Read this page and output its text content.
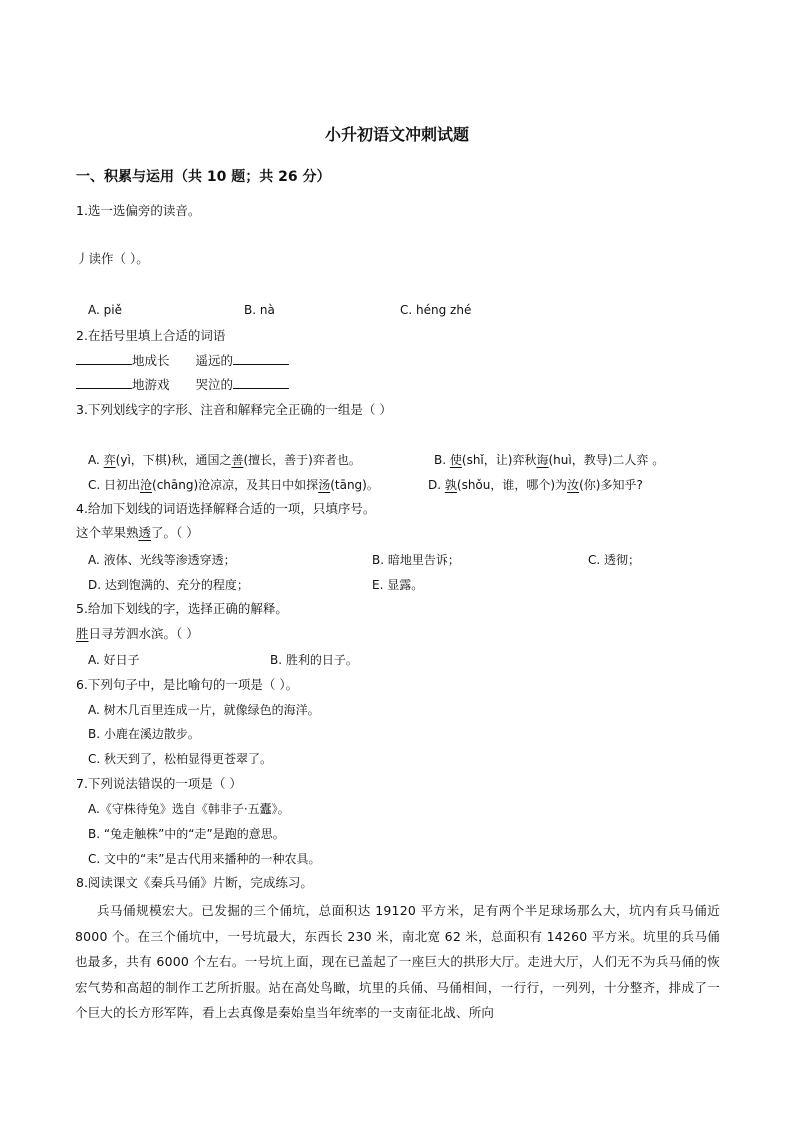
小升初语文冲刺试题
一、积累与运用（共 10 题；共 26 分）
1.选一选偏旁的读音。
丿读作（ ）。
A. piě	B. nà	C. héng zhé
2.在括号里填上合适的词语
地成长 遥远的
地游戏 哭泣的
3.下列划线字的字形、注音和解释完全正确的一组是（ ）
A. 弈(yì，下棋)秋，通国之善(擅长，善于)弈者也。	B. 使(shǐ，让)弈秋诲(huì，教导)二人弈 。
C. 日初出沧(chāng)沧凉凉，及其日中如探汤(tāng)。	D. 孰(shǒu，谁，哪个)为汝(你)多知乎?
4.给加下划线的词语选择解释合适的一项，只填序号。
这个苹果熟透了。（ ）
A. 液体、光线等渗透穿透；	B. 暗地里告诉；	C. 透彻；
D. 达到饱满的、充分的程度；	E. 显露。
5.给加下划线的字，选择正确的解释。
胜日寻芳泗水滨。（ ）
A. 好日子	B. 胜利的日子。
6.下列句子中，是比喻句的一项是（ ）。
A. 树木几百里连成一片，就像绿色的海洋。
B. 小鹿在溪边散步。
C. 秋天到了，松柏显得更苍翠了。
7.下列说法错误的一项是（ ）
A.《守株待兔》选自《韩非子·五蠹》。
B. “兔走触株”中的“走”是跑的意思。
C. 文中的“耒”是古代用来播种的一种农具。
8.阅读课文《秦兵马俑》片断，完成练习。
兵马俑规模宏大。已发掘的三个俑坑，总面积达 19120 平方米，足有两个半足球场那么大，坑内有兵马俑近 8000 个。在三个俑坑中，一号坑最大，东西长 230 米，南北宽 62 米，总面积有 14260 平方米。坑里的兵马俑也最多，共有 6000 个左右。一号坑上面，现在已盖起了一座巨大的拱形大厅。走进大厅，人们无不为兵马俑的恢宏气势和高超的制作工艺所折服。站在高处鸟瞰，坑里的兵俑、马俑相间，一行行，一列列，十分整齐，排成了一个巨大的长方形军阵，看上去真像是秦始皇当年统率的一支南征北战、所向
